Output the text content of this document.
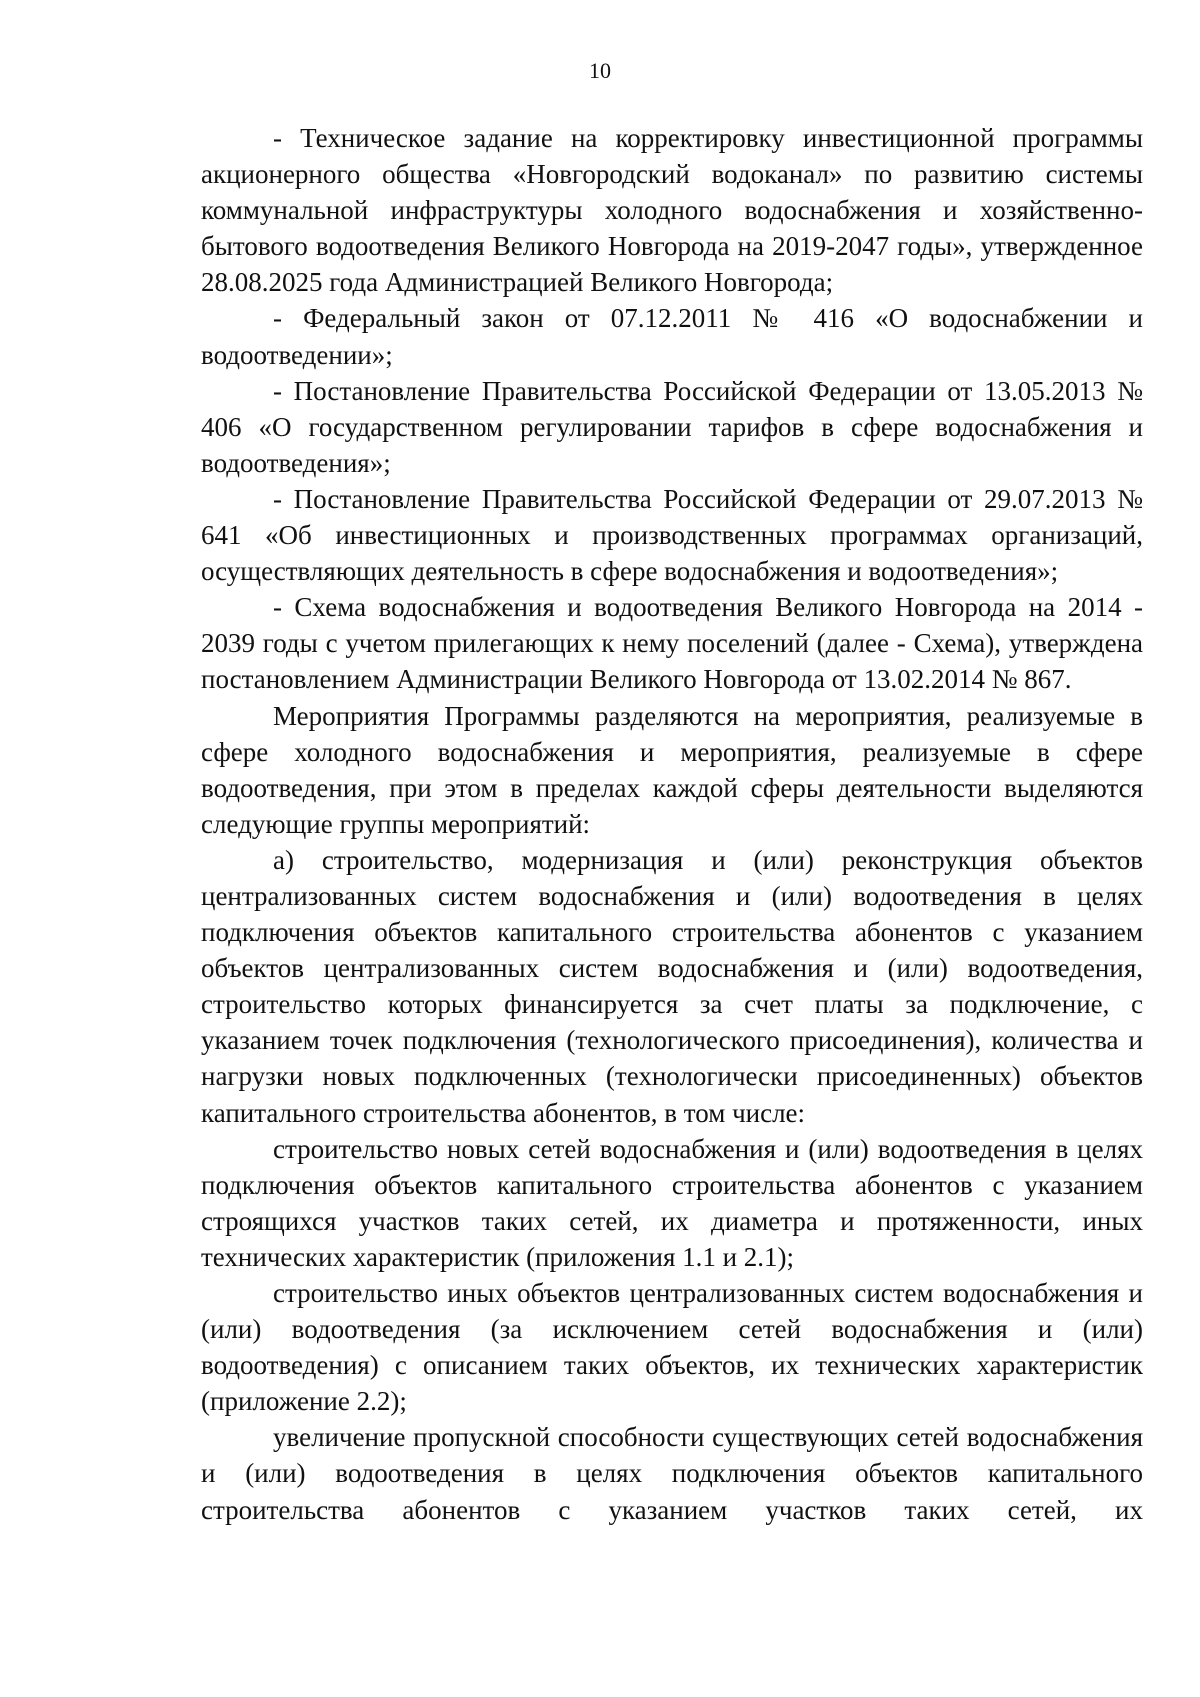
10

- Техническое задание на корректировку инвестиционной программы акционерного общества «Новгородский водоканал» по развитию системы коммунальной инфраструктуры холодного водоснабжения и хозяйственно-бытового водоотведения Великого Новгорода на 2019-2047 годы», утвержденное 28.08.2025 года Администрацией Великого Новгорода;

- Федеральный закон от 07.12.2011 № 416 «О водоснабжении и водоотведении»;

- Постановление Правительства Российской Федерации от 13.05.2013 № 406 «О государственном регулировании тарифов в сфере водоснабжения и водоотведения»;

- Постановление Правительства Российской Федерации от 29.07.2013 № 641 «Об инвестиционных и производственных программах организаций, осуществляющих деятельность в сфере водоснабжения и водоотведения»;

- Схема водоснабжения и водоотведения Великого Новгорода на 2014 - 2039 годы с учетом прилегающих к нему поселений (далее - Схема), утверждена постановлением Администрации Великого Новгорода от 13.02.2014 № 867.

Мероприятия Программы разделяются на мероприятия, реализуемые в сфере холодного водоснабжения и мероприятия, реализуемые в сфере водоотведения, при этом в пределах каждой сферы деятельности выделяются следующие группы мероприятий:

а) строительство, модернизация и (или) реконструкция объектов централизованных систем водоснабжения и (или) водоотведения в целях подключения объектов капитального строительства абонентов с указанием объектов централизованных систем водоснабжения и (или) водоотведения, строительство которых финансируется за счет платы за подключение, с указанием точек подключения (технологического присоединения), количества и нагрузки новых подключенных (технологически присоединенных) объектов капитального строительства абонентов, в том числе:

строительство новых сетей водоснабжения и (или) водоотведения в целях подключения объектов капитального строительства абонентов с указанием строящихся участков таких сетей, их диаметра и протяженности, иных технических характеристик (приложения 1.1 и 2.1);

строительство иных объектов централизованных систем водоснабжения и (или) водоотведения (за исключением сетей водоснабжения и (или) водоотведения) с описанием таких объектов, их технических характеристик (приложение 2.2);

увеличение пропускной способности существующих сетей водоснабжения и (или) водоотведения в целях подключения объектов капитального строительства абонентов с указанием участков таких сетей, их
